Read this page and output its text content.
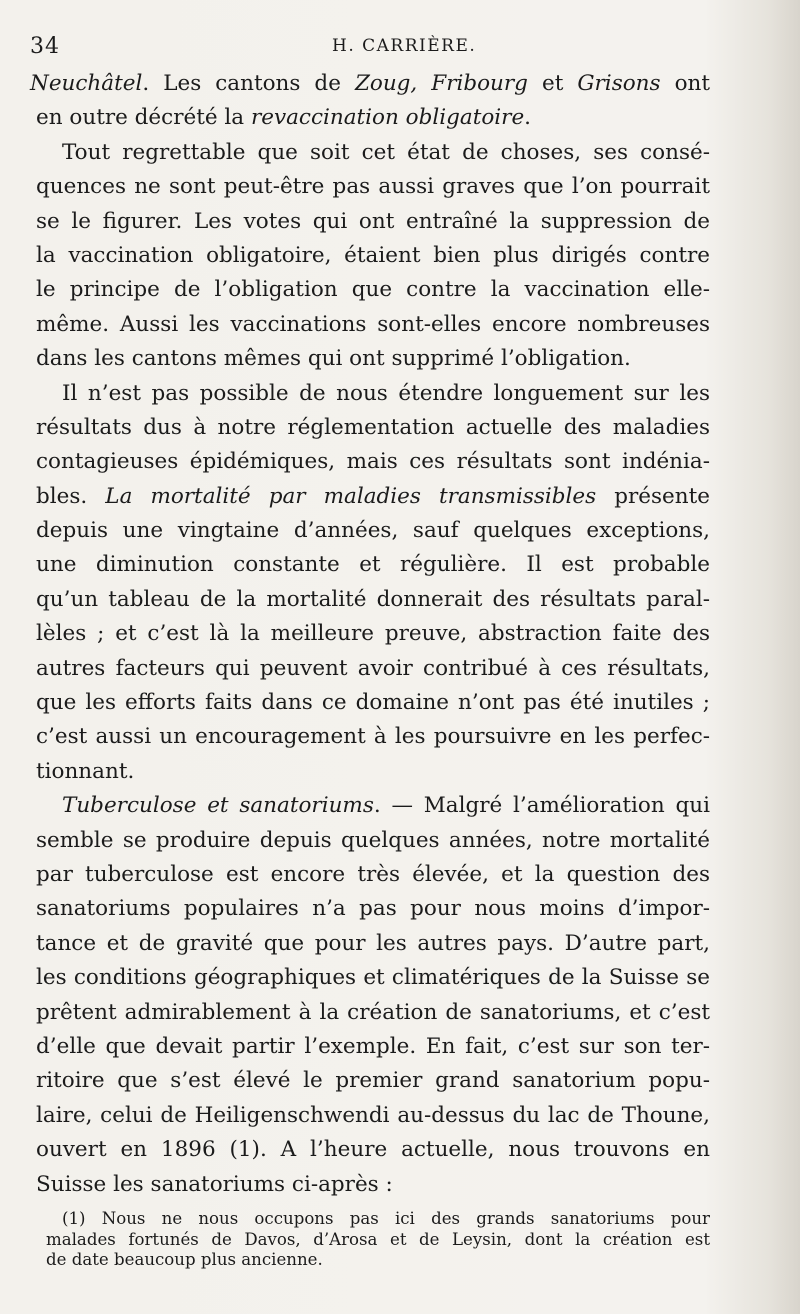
34	H. CARRIÈRE.
Neuchâtel. Les cantons de Zoug, Fribourg et Grisons ont
en outre décrété la revaccination obligatoire.
Tout regrettable que soit cet état de choses, ses consé-
quences ne sont peut-être pas aussi graves que l’on pourrait
se le figurer. Les votes qui ont entraîné la suppression de
la vaccination obligatoire, étaient bien plus dirigés contre
le principe de l’obligation que contre la vaccination elle-
même. Aussi les vaccinations sont-elles encore nombreuses
dans les cantons mêmes qui ont supprimé l’obligation.
Il n’est pas possible de nous étendre longuement sur les
résultats dus à notre réglementation actuelle des maladies
contagieuses épidémiques, mais ces résultats sont indénia-
bles. La mortalité par maladies transmissibles présente
depuis une vingtaine d’années, sauf quelques exceptions,
une diminution constante et régulière. Il est probable
qu’un tableau de la mortalité donnerait des résultats paral-
lèles ; et c’est là la meilleure preuve, abstraction faite des
autres facteurs qui peuvent avoir contribué à ces résultats,
que les efforts faits dans ce domaine n’ont pas été inutiles ;
c’est aussi un encouragement à les poursuivre en les perfec-
tionnant.
Tuberculose et sanatoriums. — Malgré l’amélioration qui
semble se produire depuis quelques années, notre mortalité
par tuberculose est encore très élevée, et la question des
sanatoriums populaires n’a pas pour nous moins d’impor-
tance et de gravité que pour les autres pays. D’autre part,
les conditions géographiques et climatériques de la Suisse se
prêtent admirablement à la création de sanatoriums, et c’est
d’elle que devait partir l’exemple. En fait, c’est sur son ter-
ritoire que s’est élevé le premier grand sanatorium popu-
laire, celui de Heiligenschwendi au-dessus du lac de Thoune,
ouvert en 1896 (1). A l’heure actuelle, nous trouvons en
Suisse les sanatoriums ci-après :
(1) Nous ne nous occupons pas ici des grands sanatoriums pour
malades fortunés de Davos, d’Arosa et de Leysin, dont la création est
de date beaucoup plus ancienne.
